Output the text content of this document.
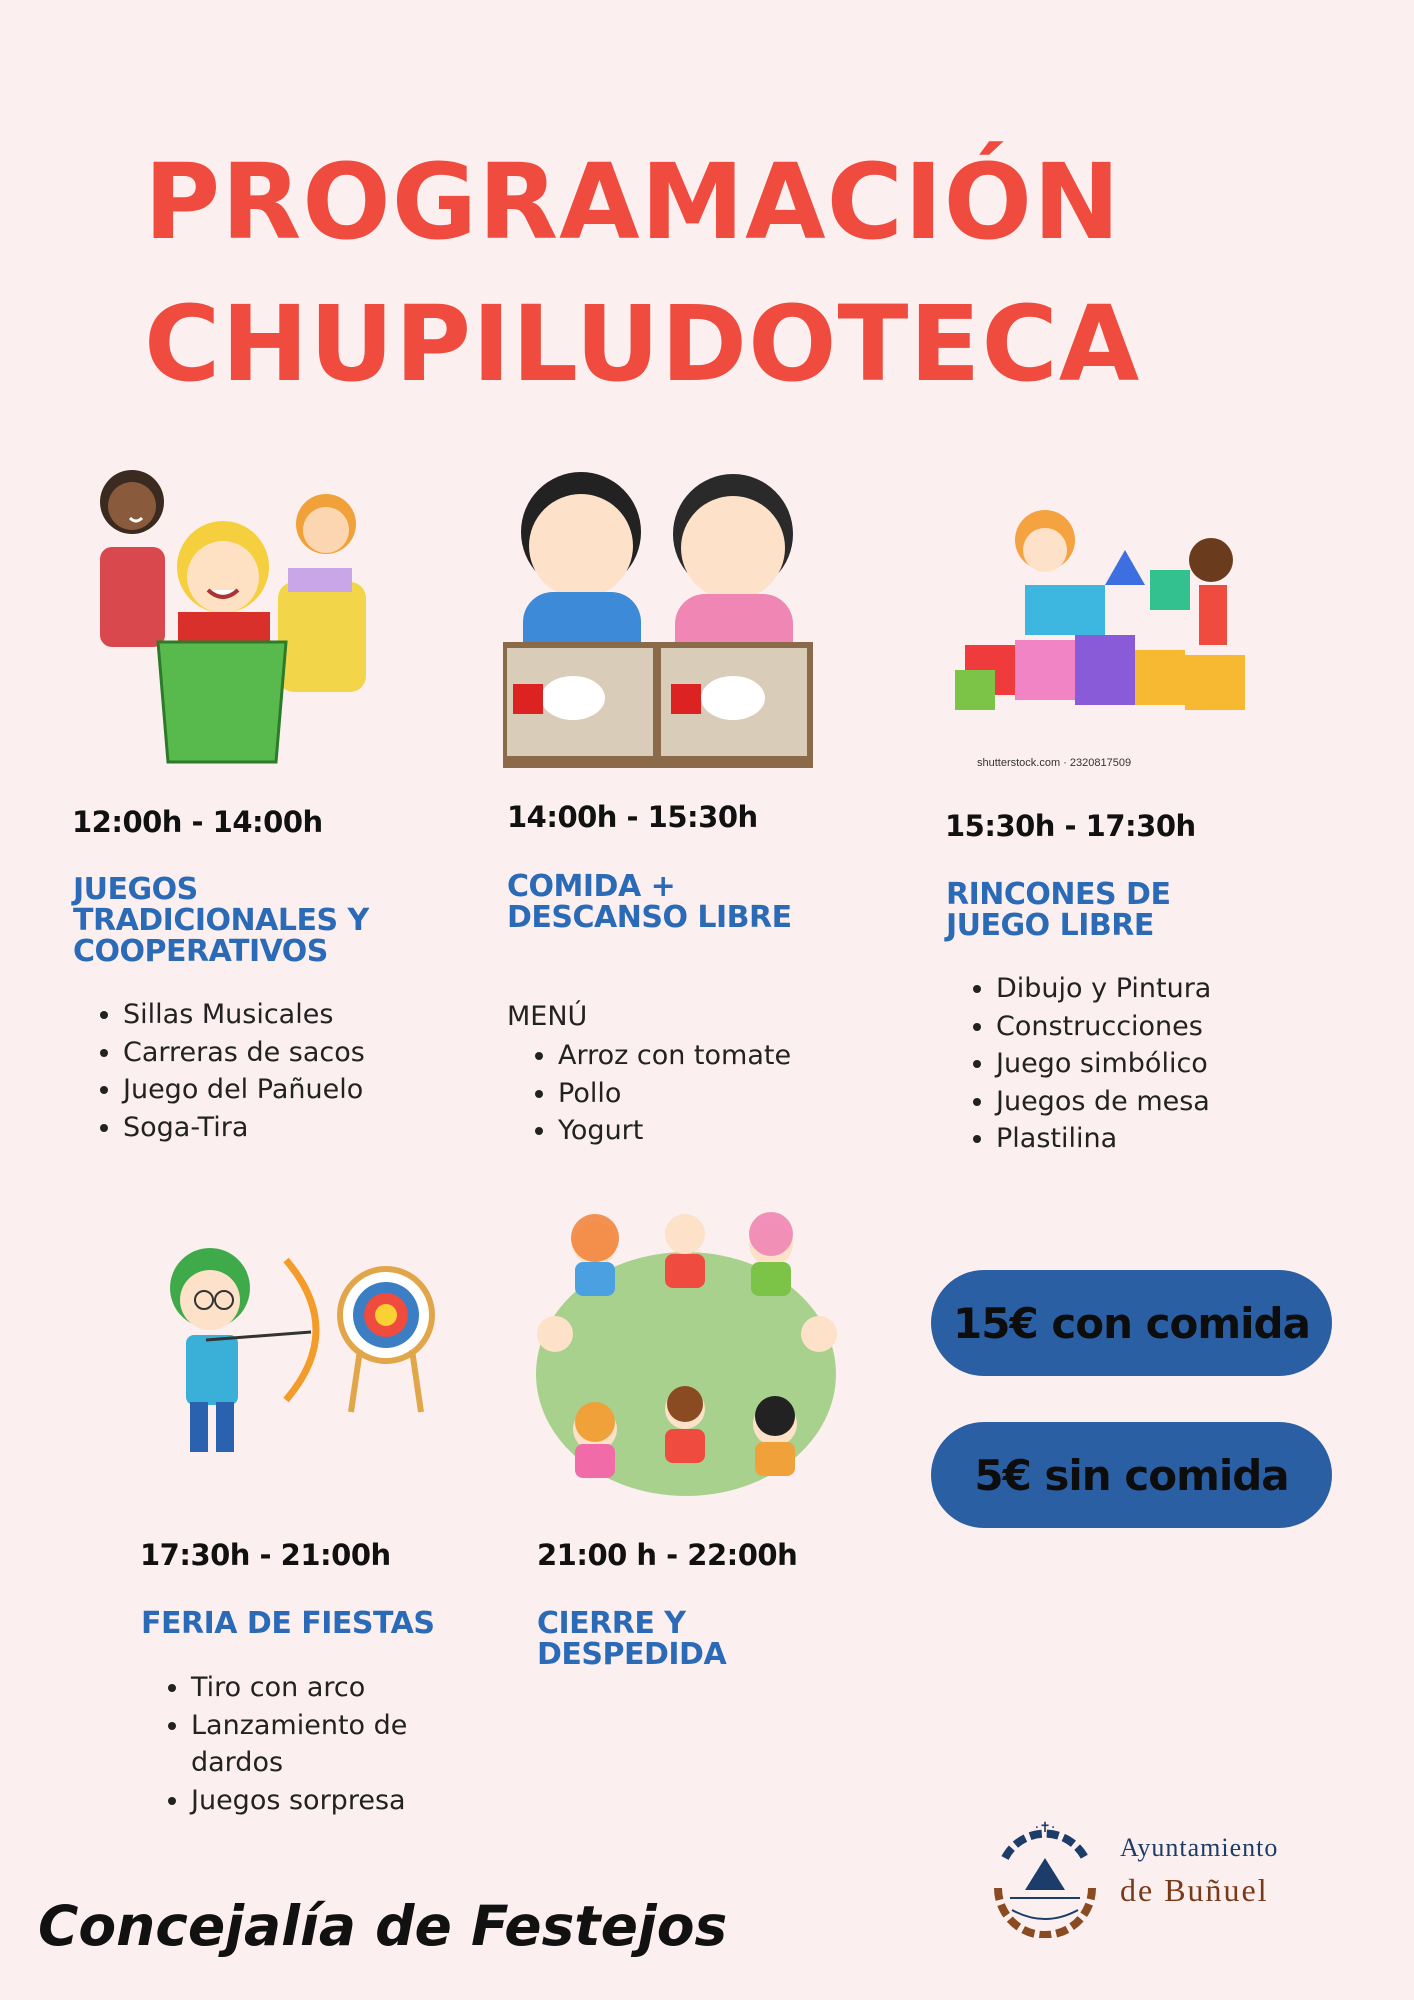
PROGRAMACIÓN
CHUPILUDOTECA
shutterstock.com · 2320817509
12:00h - 14:00h
JUEGOS
TRADICIONALES Y
COOPERATIVOS
• Sillas Musicales
• Carreras de sacos
• Juego del Pañuelo
• Soga-Tira
14:00h - 15:30h
COMIDA +
DESCANSO LIBRE
MENÚ
• Arroz con tomate
• Pollo
• Yogurt
15:30h - 17:30h
RINCONES DE
JUEGO LIBRE
• Dibujo y Pintura
• Construcciones
• Juego simbólico
• Juegos de mesa
• Plastilina
17:30h - 21:00h
FERIA DE FIESTAS
• Tiro con arco
• Lanzamiento de dardos
• Juegos sorpresa
21:00 h - 22:00h
CIERRE Y
DESPEDIDA
15€ con comida
5€ sin comida
Concejalía de Festejos
·✝·
Ayuntamiento
de Buñuel
